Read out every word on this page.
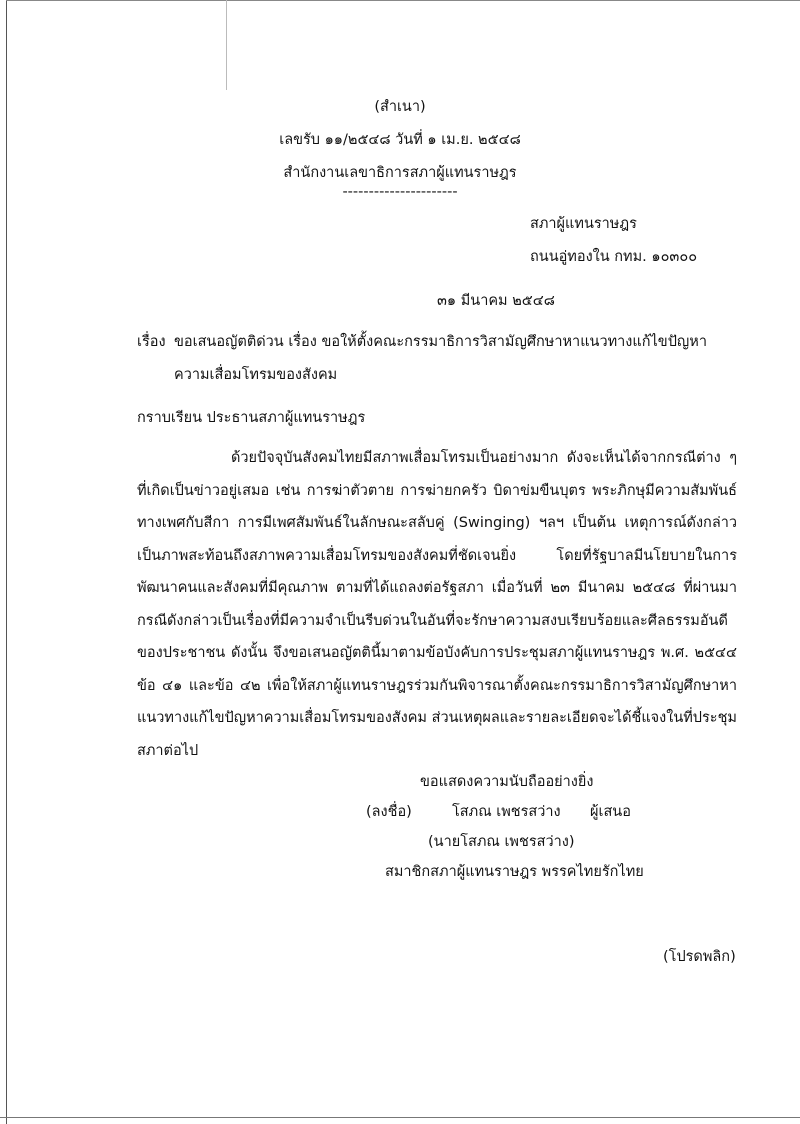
(สำเนา)
เลขรับ ๑๑/๒๕๔๘ วันที่ ๑ เม.ย. ๒๕๔๘
สำนักงานเลขาธิการสภาผู้แทนราษฎร
----------------------
สภาผู้แทนราษฎร
ถนนอู่ทองใน กทม. ๑๐๓๐๐
๓๑ มีนาคม ๒๕๔๘
เรื่อง ขอเสนอญัตติด่วน เรื่อง ขอให้ตั้งคณะกรรมาธิการวิสามัญศึกษาหาแนวทางแก้ไขปัญหา
ความเสื่อมโทรมของสังคม
กราบเรียน ประธานสภาผู้แทนราษฎร
ด้วยปัจจุบันสังคมไทยมีสภาพเสื่อมโทรมเป็นอย่างมาก ดังจะเห็นได้จากกรณีต่าง ๆ ที่เกิดเป็นข่าวอยู่เสมอ เช่น การฆ่าตัวตาย การฆ่ายกครัว บิดาข่มขืนบุตร พระภิกษุมีความสัมพันธ์ทางเพศกับสีกา การมีเพศสัมพันธ์ในลักษณะสลับคู่ (Swinging) ฯลฯ เป็นต้น เหตุการณ์ดังกล่าวเป็นภาพสะท้อนถึงสภาพความเสื่อมโทรมของสังคมที่ชัดเจนยิ่ง โดยที่รัฐบาลมีนโยบายในการพัฒนาคนและสังคมที่มีคุณภาพ ตามที่ได้แถลงต่อรัฐสภา เมื่อวันที่ ๒๓ มีนาคม ๒๕๔๘ ที่ผ่านมา กรณีดังกล่าวเป็นเรื่องที่มีความจำเป็นรีบด่วนในอันที่จะรักษาความสงบเรียบร้อยและศีลธรรมอันดีของประชาชน ดังนั้น จึงขอเสนอญัตตินี้มาตามข้อบังคับการประชุมสภาผู้แทนราษฎร พ.ศ. ๒๕๔๔ ข้อ ๔๑ และข้อ ๔๒ เพื่อให้สภาผู้แทนราษฎรร่วมกันพิจารณาตั้งคณะกรรมาธิการวิสามัญศึกษาหาแนวทางแก้ไขปัญหาความเสื่อมโทรมของสังคม ส่วนเหตุผลและรายละเอียดจะได้ชี้แจงในที่ประชุมสภาต่อไป
ขอแสดงความนับถืออย่างยิ่ง
(ลงชื่อ)	โสภณ เพชรสว่าง ผู้เสนอ
(นายโสภณ เพชรสว่าง)
สมาชิกสภาผู้แทนราษฎร พรรคไทยรักไทย
(โปรดพลิก)
